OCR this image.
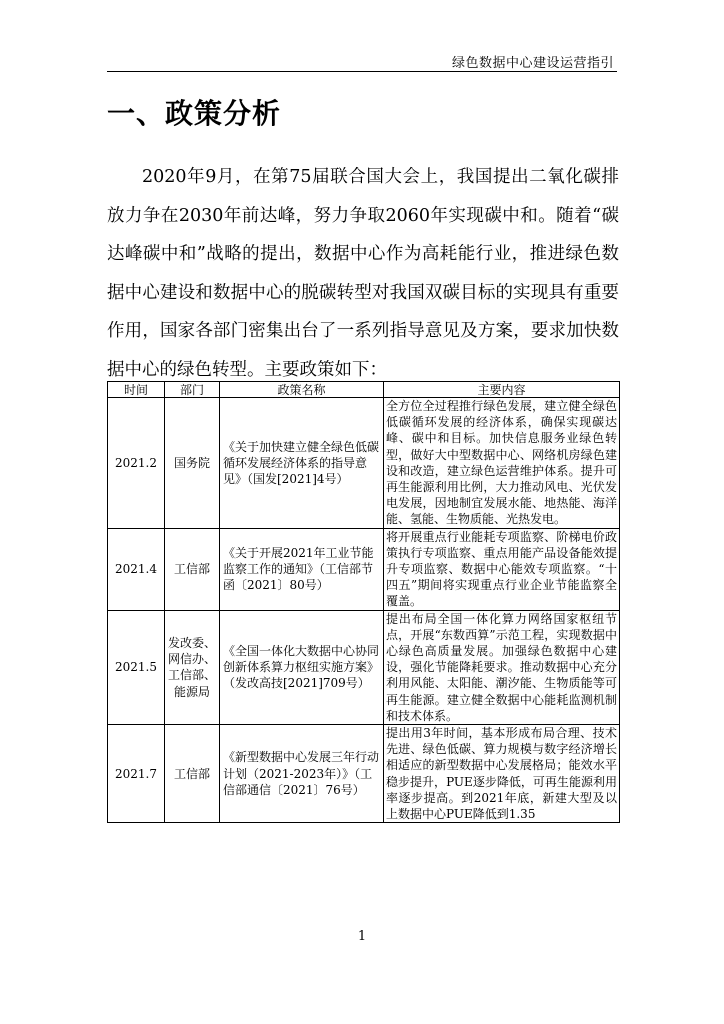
绿色数据中心建设运营指引
一、政策分析
2020年9月，在第75届联合国大会上，我国提出二氧化碳排放力争在2030年前达峰，努力争取2060年实现碳中和。随着“碳达峰碳中和”战略的提出，数据中心作为高耗能行业，推进绿色数据中心建设和数据中心的脱碳转型对我国双碳目标的实现具有重要作用，国家各部门密集出台了一系列指导意见及方案，要求加快数据中心的绿色转型。主要政策如下：
时间	部门	政策名称	主要内容
2021.2	国务院	《关于加快建立健全绿色低碳循环发展经济体系的指导意见》（国发[2021]4号）	全方位全过程推行绿色发展，建立健全绿色低碳循环发展的经济体系，确保实现碳达峰、碳中和目标。加快信息服务业绿色转型，做好大中型数据中心、网络机房绿色建设和改造，建立绿色运营维护体系。提升可再生能源利用比例，大力推动风电、光伏发电发展，因地制宜发展水能、地热能、海洋能、氢能、生物质能、光热发电。
2021.4	工信部	《关于开展2021年工业节能监察工作的通知》（工信部节函〔2021〕80号）	将开展重点行业能耗专项监察、阶梯电价政策执行专项监察、重点用能产品设备能效提升专项监察、数据中心能效专项监察。“十四五”期间将实现重点行业企业节能监察全覆盖。
2021.5	发改委、网信办、工信部、能源局	《全国一体化大数据中心协同创新体系算力枢纽实施方案》（发改高技[2021]709号）	提出布局全国一体化算力网络国家枢纽节点，开展“东数西算”示范工程，实现数据中心绿色高质量发展。加强绿色数据中心建设，强化节能降耗要求。推动数据中心充分利用风能、太阳能、潮汐能、生物质能等可再生能源。建立健全数据中心能耗监测机制和技术体系。
2021.7	工信部	《新型数据中心发展三年行动计划（2021-2023年）》（工信部通信〔2021〕76号）	提出用3年时间，基本形成布局合理、技术先进、绿色低碳、算力规模与数字经济增长相适应的新型数据中心发展格局；能效水平稳步提升，PUE逐步降低，可再生能源利用率逐步提高。到2021年底，新建大型及以上数据中心PUE降低到1.35
1
